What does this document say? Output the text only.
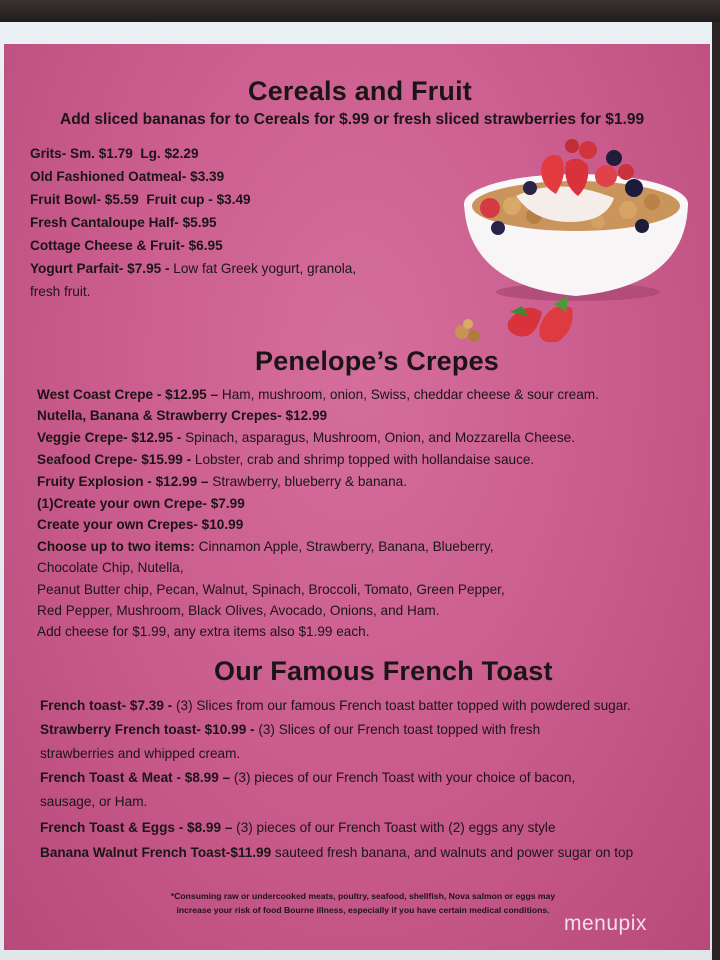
Cereals and Fruit
Add sliced bananas for to Cereals for $.99 or fresh sliced strawberries for $1.99
Grits- Sm. $1.79 Lg. $2.29
Old Fashioned Oatmeal- $3.39
Fruit Bowl- $5.59 Fruit cup - $3.49
Fresh Cantaloupe Half- $5.95
Cottage Cheese & Fruit- $6.95
Yogurt Parfait- $7.95 - Low fat Greek yogurt, granola,
fresh fruit.
Penelope’s Crepes
West Coast Crepe - $12.95 – Ham, mushroom, onion, Swiss, cheddar cheese & sour cream.
Nutella, Banana & Strawberry Crepes- $12.99
Veggie Crepe- $12.95 - Spinach, asparagus, Mushroom, Onion, and Mozzarella Cheese.
Seafood Crepe- $15.99 - Lobster, crab and shrimp topped with hollandaise sauce.
Fruity Explosion - $12.99 – Strawberry, blueberry & banana.
(1)Create your own Crepe- $7.99
Create your own Crepes- $10.99
Choose up to two items: Cinnamon Apple, Strawberry, Banana, Blueberry,
Chocolate Chip, Nutella,
Peanut Butter chip, Pecan, Walnut, Spinach, Broccoli, Tomato, Green Pepper,
Red Pepper, Mushroom, Black Olives, Avocado, Onions, and Ham.
Add cheese for $1.99, any extra items also $1.99 each.
Our Famous French Toast
French toast- $7.39 - (3) Slices from our famous French toast batter topped with powdered sugar.
Strawberry French toast- $10.99 - (3) Slices of our French toast topped with fresh
strawberries and whipped cream.
French Toast & Meat - $8.99 – (3) pieces of our French Toast with your choice of bacon,
sausage, or Ham.
French Toast & Eggs - $8.99 – (3) pieces of our French Toast with (2) eggs any style
Banana Walnut French Toast-$11.99 sauteed fresh banana, and walnuts and power sugar on top
*Consuming raw or undercooked meats, poultry, seafood, shellfish, Nova salmon or eggs may
increase your risk of food Bourne illness, especially if you have certain medical conditions.
menupix
